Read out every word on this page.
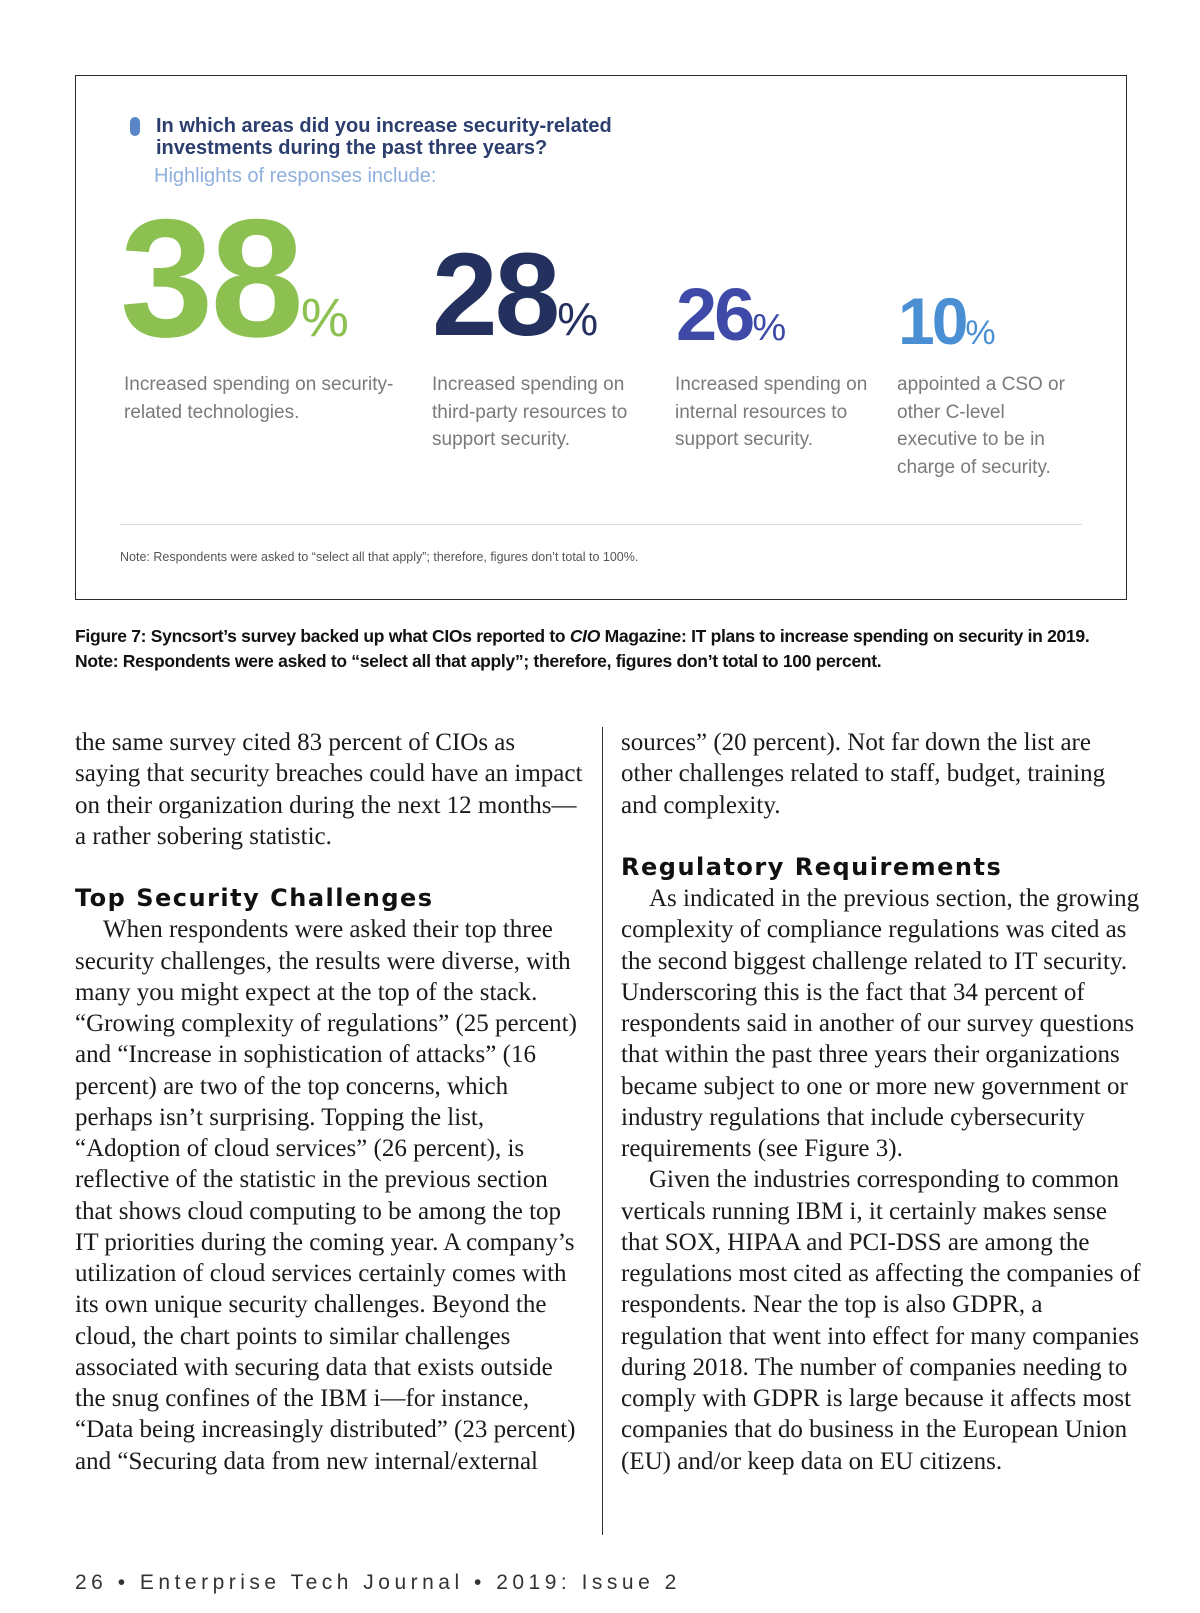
In which areas did you increase security-related investments during the past three years?

Highlights of responses include:

38%

Increased spending on security-related technologies.

28%

Increased spending on third-party resources to support security.

26%

Increased spending on internal resources to support security.

10%

appointed a CSO or other C-level executive to be in charge of security.

Note: Respondents were asked to “select all that apply”; therefore, figures don’t total to 100%.

Figure 7: Syncsort’s survey backed up what CIOs reported to CIO Magazine: IT plans to increase spending on security in 2019.
Note: Respondents were asked to “select all that apply”; therefore, figures don’t total to 100 percent.

the same survey cited 83 percent of CIOs as saying that security breaches could have an impact on their organization during the next 12 months—a rather sobering statistic.

Top Security Challenges

When respondents were asked their top three security challenges, the results were diverse, with many you might expect at the top of the stack. “Growing complexity of regulations” (25 percent) and “Increase in sophistication of attacks” (16 percent) are two of the top concerns, which perhaps isn’t surprising. Topping the list, “Adoption of cloud services” (26 percent), is reflective of the statistic in the previous section that shows cloud computing to be among the top IT priorities during the coming year. A company’s utilization of cloud services certainly comes with its own unique security challenges. Beyond the cloud, the chart points to similar challenges associated with securing data that exists outside the snug confines of the IBM i—for instance, “Data being increasingly distributed” (23 percent) and “Securing data from new internal/external

sources” (20 percent). Not far down the list are other challenges related to staff, budget, training and complexity.

Regulatory Requirements

As indicated in the previous section, the growing complexity of compliance regulations was cited as the second biggest challenge related to IT security. Underscoring this is the fact that 34 percent of respondents said in another of our survey questions that within the past three years their organizations became subject to one or more new government or industry regulations that include cybersecurity requirements (see Figure 3).

Given the industries corresponding to common verticals running IBM i, it certainly makes sense that SOX, HIPAA and PCI-DSS are among the regulations most cited as affecting the companies of respondents. Near the top is also GDPR, a regulation that went into effect for many companies during 2018. The number of companies needing to comply with GDPR is large because it affects most companies that do business in the European Union (EU) and/or keep data on EU citizens.

26 • Enterprise Tech Journal • 2019: Issue 2
